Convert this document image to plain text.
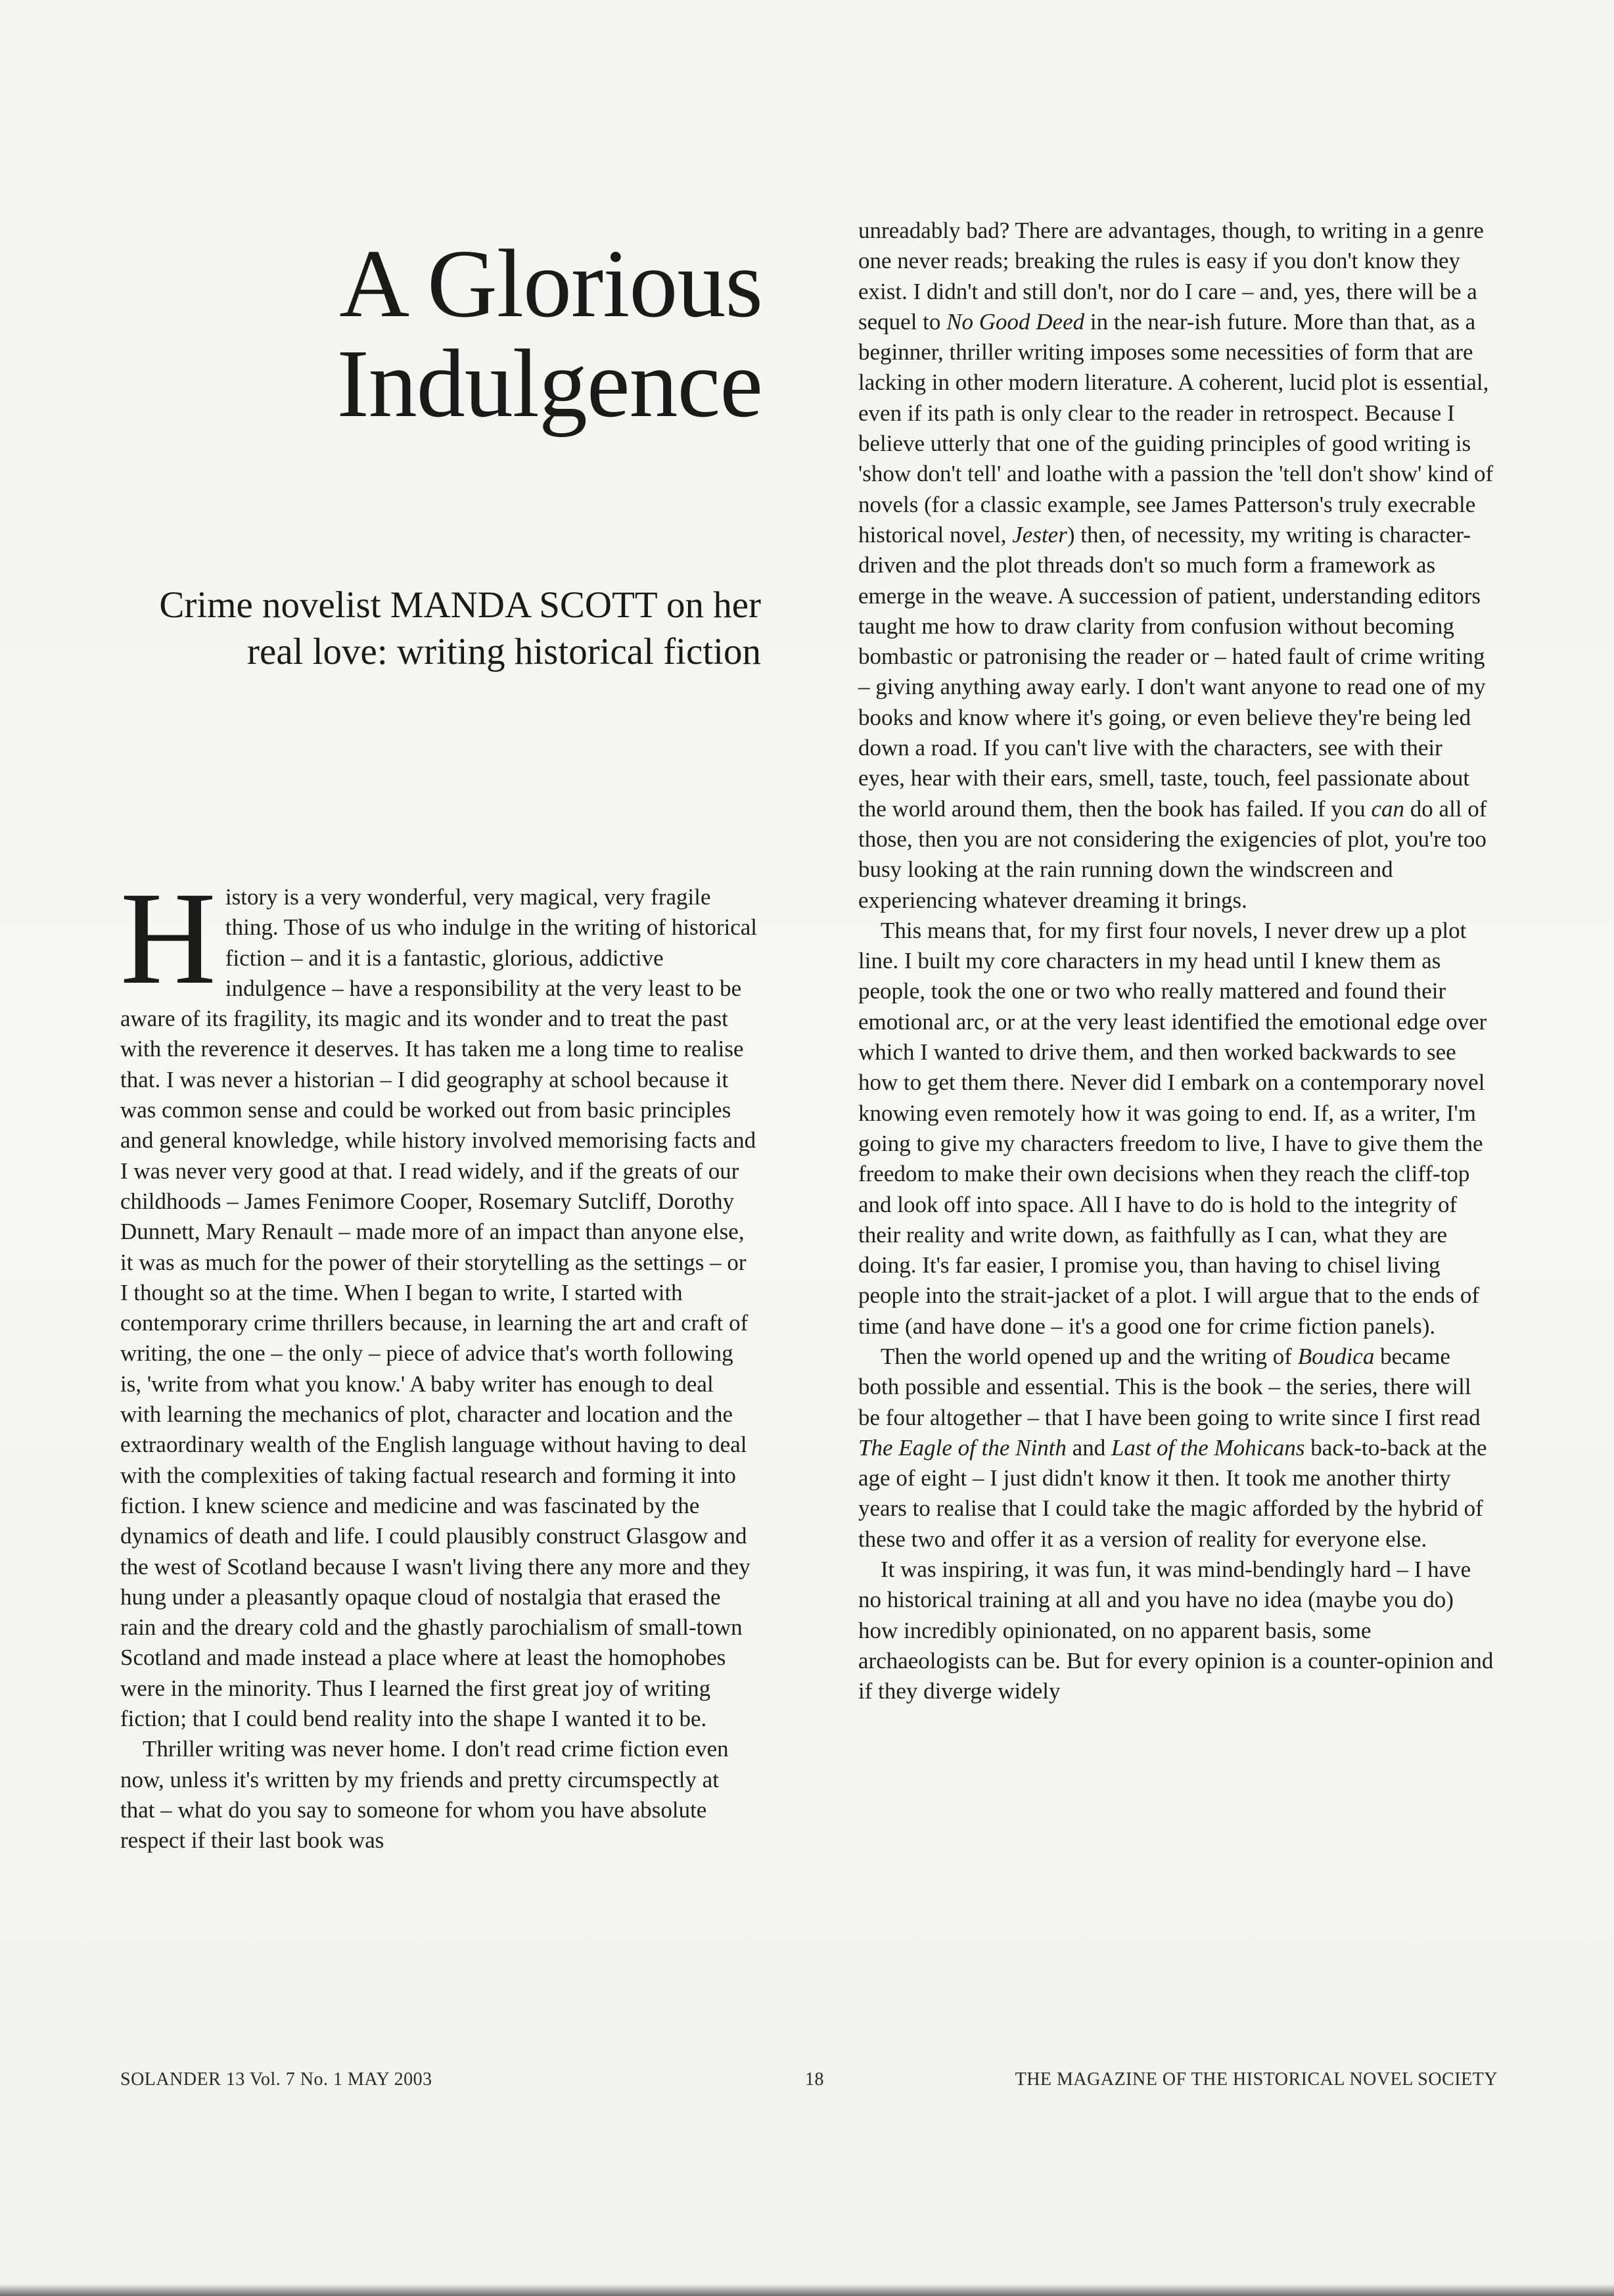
A Glorious Indulgence
Crime novelist MANDA SCOTT on her real love: writing historical fiction

History is a very wonderful, very magical, very fragile thing. Those of us who indulge in the writing of historical fiction – and it is a fantastic, glorious, addictive indulgence – have a responsibility at the very least to be aware of its fragility, its magic and its wonder and to treat the past with the reverence it deserves. It has taken me a long time to realise that. I was never a historian – I did geography at school because it was common sense and could be worked out from basic principles and general knowledge, while history involved memorising facts and I was never very good at that. I read widely, and if the greats of our childhoods – James Fenimore Cooper, Rosemary Sutcliff, Dorothy Dunnett, Mary Renault – made more of an impact than anyone else, it was as much for the power of their storytelling as the settings – or I thought so at the time. When I began to write, I started with contemporary crime thrillers because, in learning the art and craft of writing, the one – the only – piece of advice that's worth following is, 'write from what you know.' A baby writer has enough to deal with learning the mechanics of plot, character and location and the extraordinary wealth of the English language without having to deal with the complexities of taking factual research and forming it into fiction. I knew science and medicine and was fascinated by the dynamics of death and life. I could plausibly construct Glasgow and the west of Scotland because I wasn't living there any more and they hung under a pleasantly opaque cloud of nostalgia that erased the rain and the dreary cold and the ghastly parochialism of small-town Scotland and made instead a place where at least the homophobes were in the minority. Thus I learned the first great joy of writing fiction; that I could bend reality into the shape I wanted it to be.

Thriller writing was never home. I don't read crime fiction even now, unless it's written by my friends and pretty circumspectly at that – what do you say to someone for whom you have absolute respect if their last book was

unreadably bad? There are advantages, though, to writing in a genre one never reads; breaking the rules is easy if you don't know they exist. I didn't and still don't, nor do I care – and, yes, there will be a sequel to No Good Deed in the near-ish future. More than that, as a beginner, thriller writing imposes some necessities of form that are lacking in other modern literature. A coherent, lucid plot is essential, even if its path is only clear to the reader in retrospect. Because I believe utterly that one of the guiding principles of good writing is 'show don't tell' and loathe with a passion the 'tell don't show' kind of novels (for a classic example, see James Patterson's truly execrable historical novel, Jester) then, of necessity, my writing is character-driven and the plot threads don't so much form a framework as emerge in the weave. A succession of patient, understanding editors taught me how to draw clarity from confusion without becoming bombastic or patronising the reader or – hated fault of crime writing – giving anything away early. I don't want anyone to read one of my books and know where it's going, or even believe they're being led down a road. If you can't live with the characters, see with their eyes, hear with their ears, smell, taste, touch, feel passionate about the world around them, then the book has failed. If you can do all of those, then you are not considering the exigencies of plot, you're too busy looking at the rain running down the windscreen and experiencing whatever dreaming it brings.

This means that, for my first four novels, I never drew up a plot line. I built my core characters in my head until I knew them as people, took the one or two who really mattered and found their emotional arc, or at the very least identified the emotional edge over which I wanted to drive them, and then worked backwards to see how to get them there. Never did I embark on a contemporary novel knowing even remotely how it was going to end. If, as a writer, I'm going to give my characters freedom to live, I have to give them the freedom to make their own decisions when they reach the cliff-top and look off into space. All I have to do is hold to the integrity of their reality and write down, as faithfully as I can, what they are doing. It's far easier, I promise you, than having to chisel living people into the strait-jacket of a plot. I will argue that to the ends of time (and have done – it's a good one for crime fiction panels).

Then the world opened up and the writing of Boudica became both possible and essential. This is the book – the series, there will be four altogether – that I have been going to write since I first read The Eagle of the Ninth and Last of the Mohicans back-to-back at the age of eight – I just didn't know it then. It took me another thirty years to realise that I could take the magic afforded by the hybrid of these two and offer it as a version of reality for everyone else.

It was inspiring, it was fun, it was mind-bendingly hard – I have no historical training at all and you have no idea (maybe you do) how incredibly opinionated, on no apparent basis, some archaeologists can be. But for every opinion is a counter-opinion and if they diverge widely

SOLANDER 13 Vol. 7 No. 1 MAY 2003	18	THE MAGAZINE OF THE HISTORICAL NOVEL SOCIETY
